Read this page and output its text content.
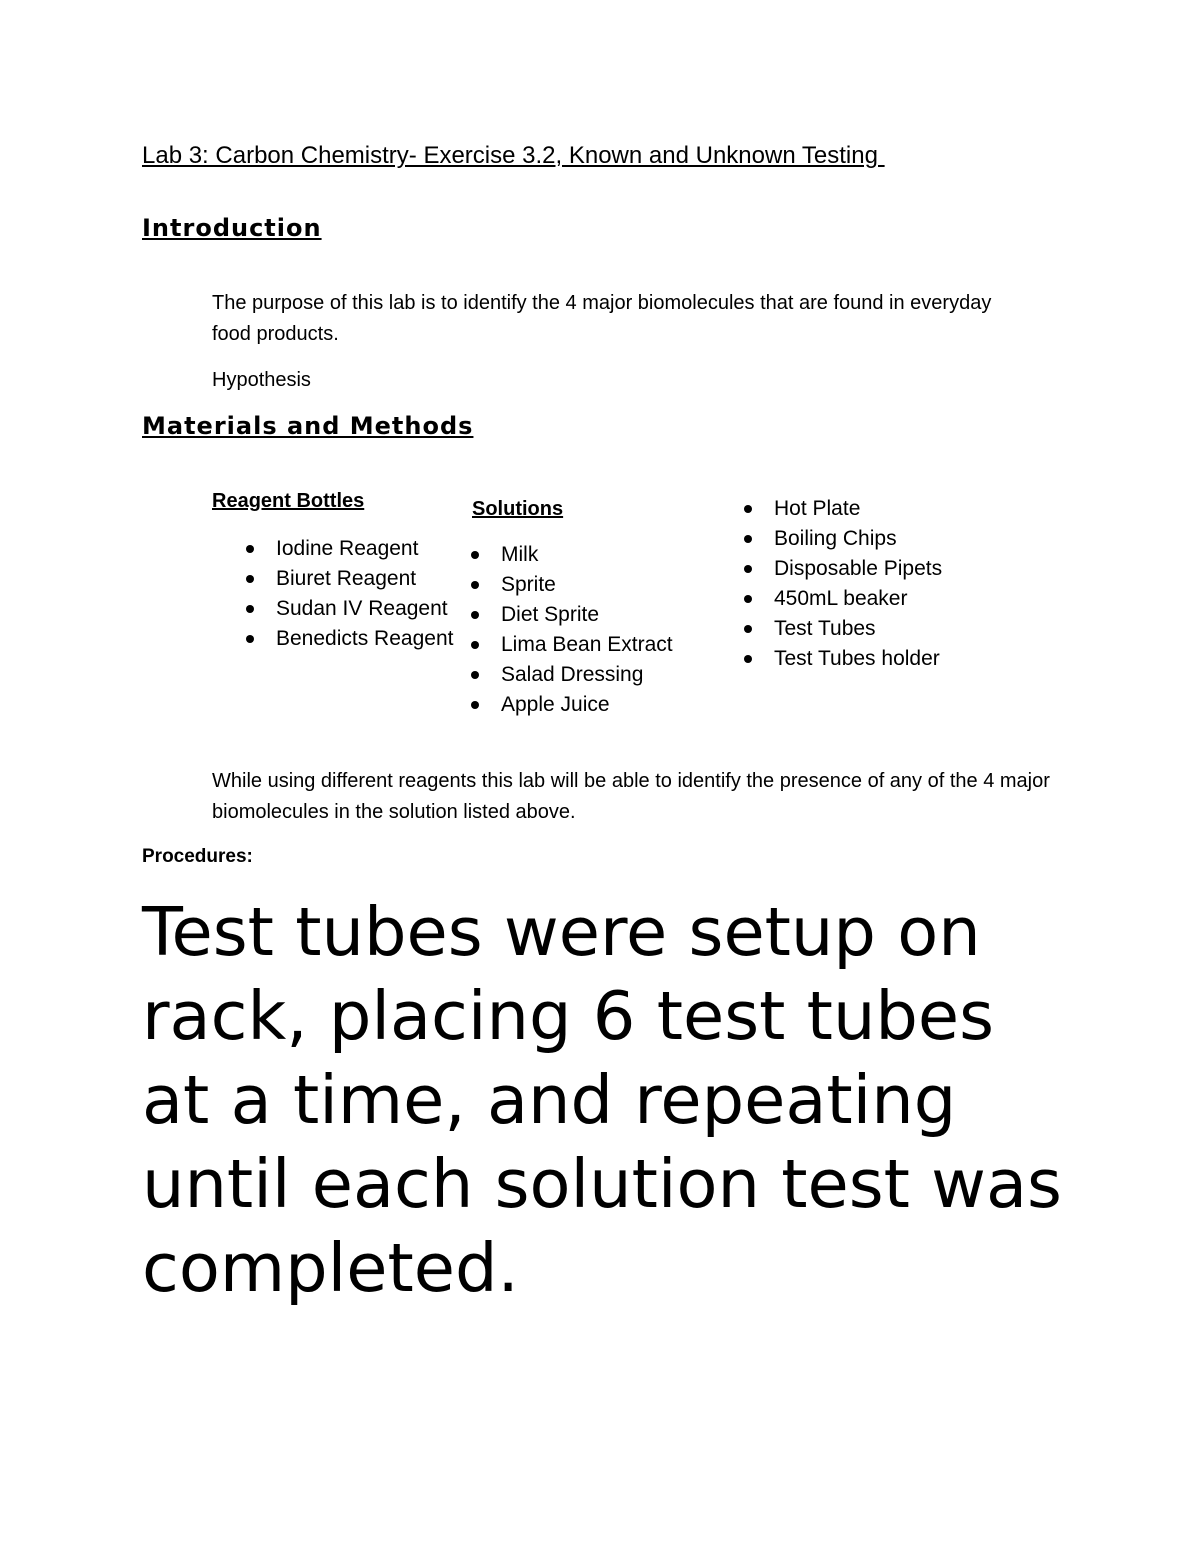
Lab 3: Carbon Chemistry- Exercise 3.2, Known and Unknown Testing
Introduction

The purpose of this lab is to identify the 4 major biomolecules that are found in everyday food products.

Hypothesis

Materials and Methods
Reagent Bottles
Iodine Reagent
Biuret Reagent
Sudan IV Reagent
Benedicts Reagent
Solutions
Milk
Sprite
Diet Sprite
Lima Bean Extract
Salad Dressing
Apple Juice
Hot Plate
Boiling Chips
Disposable Pipets
450mL beaker
Test Tubes
Test Tubes holder

While using different reagents this lab will be able to identify the presence of any of the 4 major biomolecules in the solution listed above.

Procedures:

Test tubes were setup on rack, placing 6 test tubes at a time, and repeating until each solution test was completed.
